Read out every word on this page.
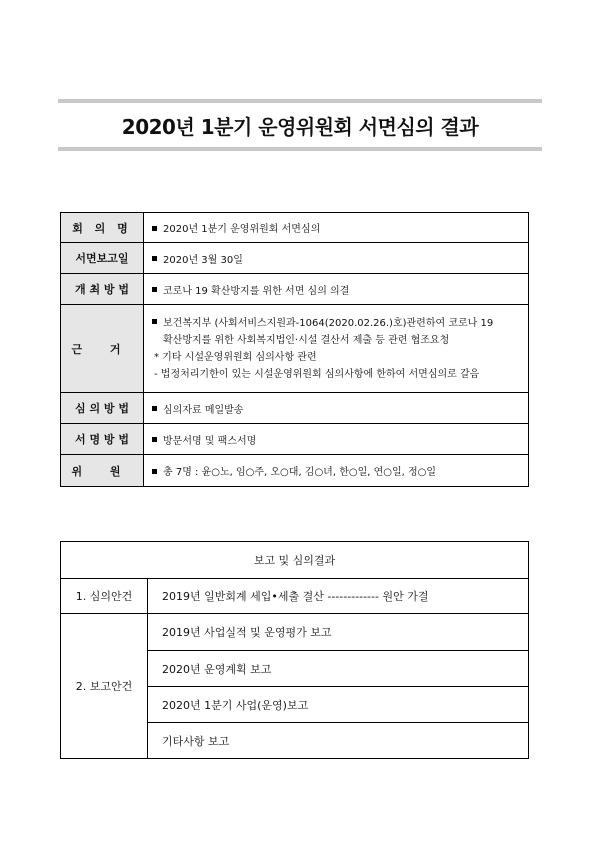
2020년 1분기 운영위원회 서면심의 결과
회 의 명	2020년 1분기 운영위원회 서면심의
서면보고일	2020년 3월 30일
개 최 방 법	코로나 19 확산방지를 위한 서면 심의 의결
근 거	보건복지부 (사회서비스지원과-1064(2020.02.26.)호)관련하여 코로나 19
확산방지를 위한 사회복지법인·시설 결산서 제출 등 관련 협조요청
* 기타 시설운영위원회 심의사항 관련
- 법정처리기한이 있는 시설운영위원회 심의사항에 한하여 서면심의로 갈음

심 의 방 법	심의자료 메일발송
서 명 방 법	방문서명 및 팩스서명
위 원	총 7명 : 윤○노, 임○주, 오○대, 김○녀, 한○일, 연○일, 정○일
보고 및 심의결과	
1. 심의안건	2019년 일반회계 세입•세출 결산 ------------- 원안 가결
2. 보고안건	2019년 사업실적 및 운영평가 보고
	2020년 운영계획 보고
	2020년 1분기 사업(운영)보고
	기타사항 보고
